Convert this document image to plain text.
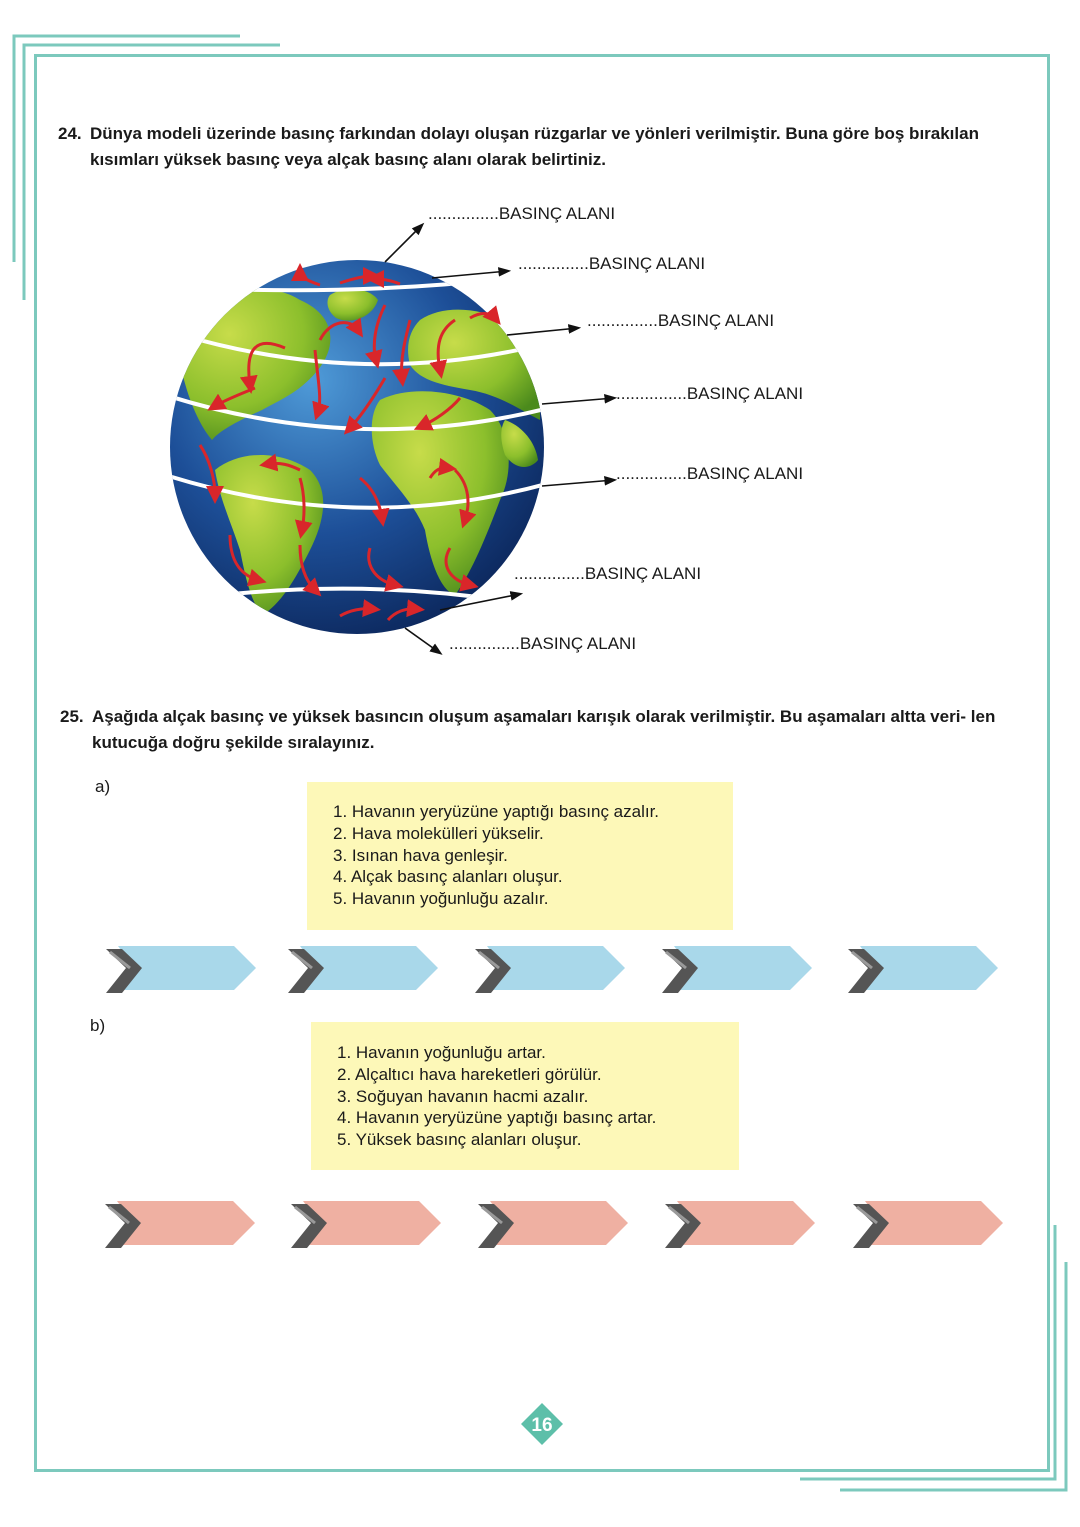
24. Dünya modeli üzerinde basınç farkından dolayı oluşan rüzgarlar ve yönleri verilmiştir. Buna göre boş bırakılan kısımları yüksek basınç veya alçak basınç alanı olarak belirtiniz.
...............BASINÇ ALANI
...............BASINÇ ALANI
...............BASINÇ ALANI
...............BASINÇ ALANI
...............BASINÇ ALANI
...............BASINÇ ALANI
...............BASINÇ ALANI
25. Aşağıda alçak basınç ve yüksek basıncın oluşum aşamaları karışık olarak verilmiştir. Bu aşamaları altta veri- len kutucuğa doğru şekilde sıralayınız.
a)
1. Havanın yeryüzüne yaptığı basınç azalır.
2. Hava molekülleri yükselir.
3. Isınan hava genleşir.
4. Alçak basınç alanları oluşur.
5. Havanın yoğunluğu azalır.
b)
1. Havanın yoğunluğu artar.
2. Alçaltıcı hava hareketleri görülür.
3. Soğuyan havanın hacmi azalır.
4. Havanın yeryüzüne yaptığı basınç artar.
5. Yüksek basınç alanları oluşur.
16
